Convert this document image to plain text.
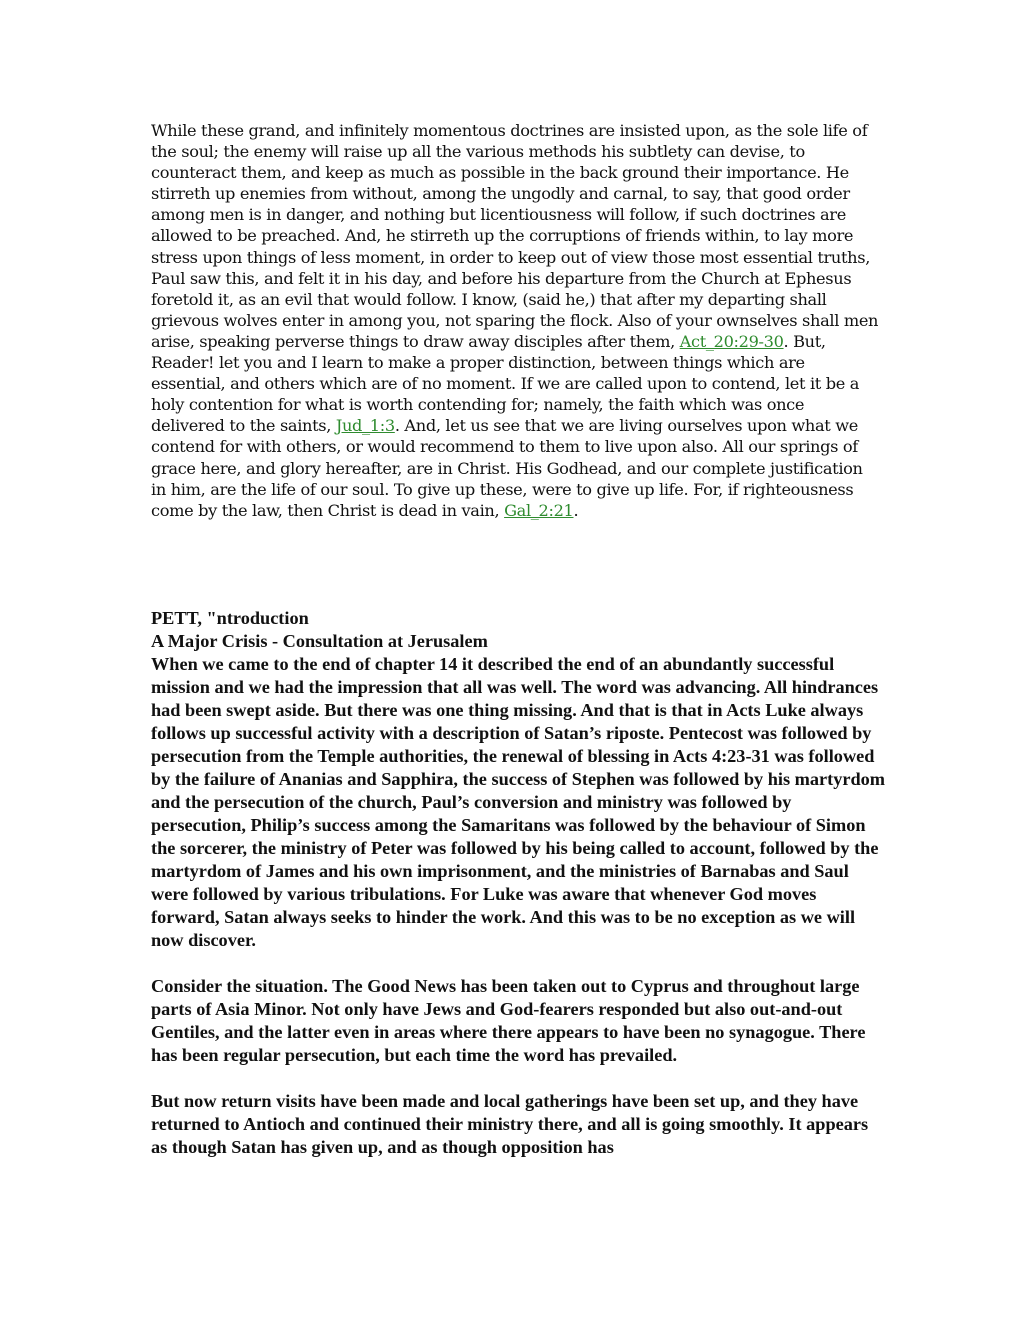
While these grand, and infinitely momentous doctrines are insisted upon, as the sole life of the soul; the enemy will raise up all the various methods his subtlety can devise, to counteract them, and keep as much as possible in the back ground their importance. He stirreth up enemies from without, among the ungodly and carnal, to say, that good order among men is in danger, and nothing but licentiousness will follow, if such doctrines are allowed to be preached. And, he stirreth up the corruptions of friends within, to lay more stress upon things of less moment, in order to keep out of view those most essential truths, Paul saw this, and felt it in his day, and before his departure from the Church at Ephesus foretold it, as an evil that would follow. I know, (said he,) that after my departing shall grievous wolves enter in among you, not sparing the flock. Also of your ownselves shall men arise, speaking perverse things to draw away disciples after them, Act_20:29-30. But, Reader! let you and I learn to make a proper distinction, between things which are essential, and others which are of no moment. If we are called upon to contend, let it be a holy contention for what is worth contending for; namely, the faith which was once delivered to the saints, Jud_1:3. And, let us see that we are living ourselves upon what we contend for with others, or would recommend to them to live upon also. All our springs of grace here, and glory hereafter, are in Christ. His Godhead, and our complete justification in him, are the life of our soul. To give up these, were to give up life. For, if righteousness come by the law, then Christ is dead in vain, Gal_2:21.

PETT, "ntroduction

A Major Crisis - Consultation at Jerusalem

When we came to the end of chapter 14 it described the end of an abundantly successful mission and we had the impression that all was well. The word was advancing. All hindrances had been swept aside. But there was one thing missing. And that is that in Acts Luke always follows up successful activity with a description of Satan’s riposte. Pentecost was followed by persecution from the Temple authorities, the renewal of blessing in Acts 4:23-31 was followed by the failure of Ananias and Sapphira, the success of Stephen was followed by his martyrdom and the persecution of the church, Paul’s conversion and ministry was followed by persecution, Philip’s success among the Samaritans was followed by the behaviour of Simon the sorcerer, the ministry of Peter was followed by his being called to account, followed by the martyrdom of James and his own imprisonment, and the ministries of Barnabas and Saul were followed by various tribulations. For Luke was aware that whenever God moves forward, Satan always seeks to hinder the work. And this was to be no exception as we will now discover.

Consider the situation. The Good News has been taken out to Cyprus and throughout large parts of Asia Minor. Not only have Jews and God-fearers responded but also out-and-out Gentiles, and the latter even in areas where there appears to have been no synagogue. There has been regular persecution, but each time the word has prevailed.

But now return visits have been made and local gatherings have been set up, and they have returned to Antioch and continued their ministry there, and all is going smoothly. It appears as though Satan has given up, and as though opposition has
